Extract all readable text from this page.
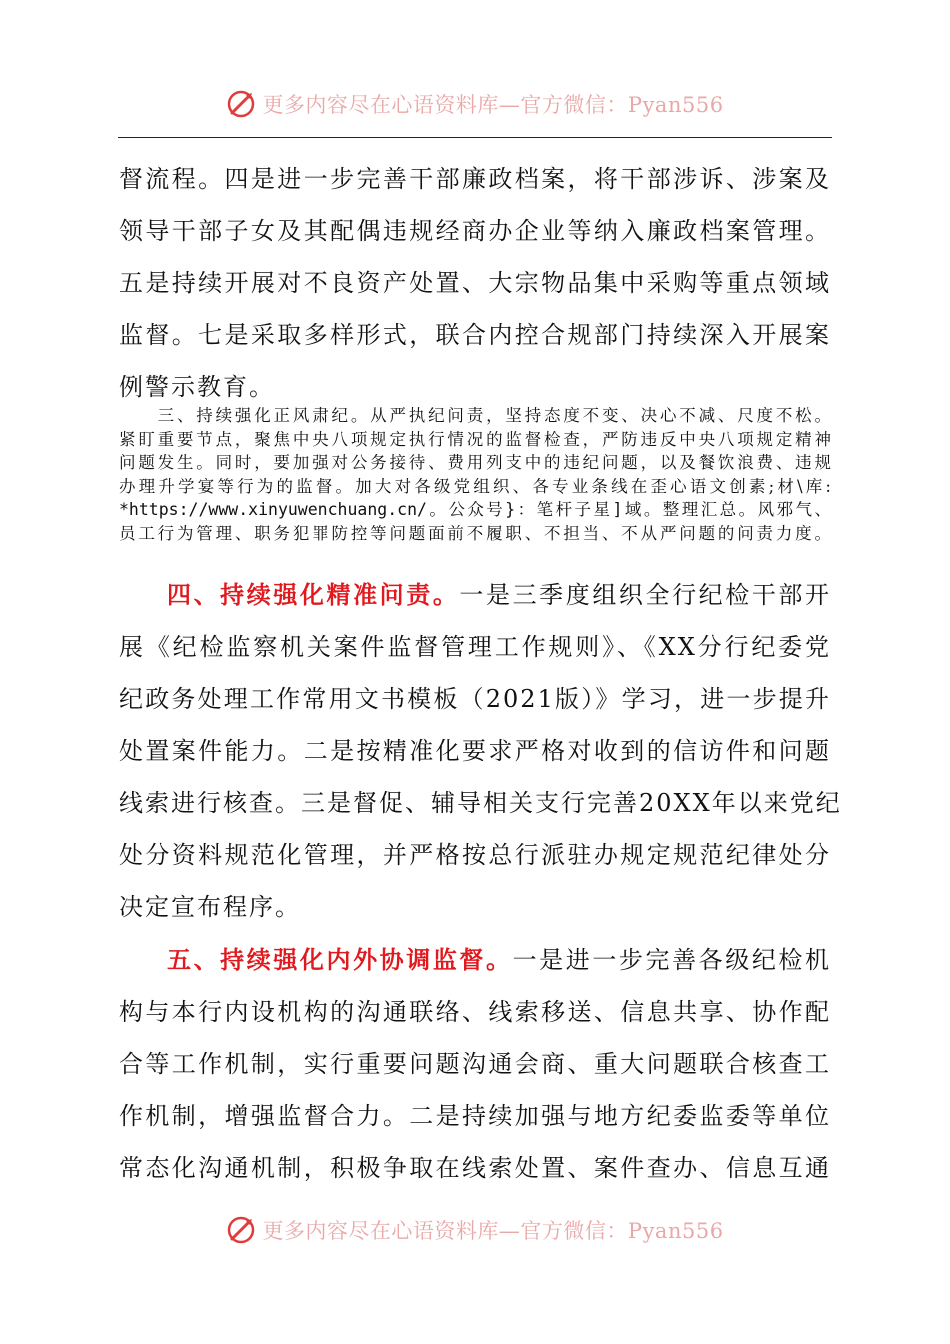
更多内容尽在心语资料库—官方微信：Pyan556

督流程。四是进一步完善干部廉政档案，将干部涉诉、涉案及

领导干部子女及其配偶违规经商办企业等纳入廉政档案管理。

五是持续开展对不良资产处置、大宗物品集中采购等重点领域

监督。七是采取多样形式，联合内控合规部门持续深入开展案

例警示教育。

　　三、持续强化正风肃纪。从严执纪问责，坚持态度不变、决心不减、尺度不松。

紧盯重要节点，聚焦中央八项规定执行情况的监督检查，严防违反中央八项规定精神

问题发生。同时，要加强对公务接待、费用列支中的违纪问题，以及餐饮浪费、违规

办理升学宴等行为的监督。加大对各级党组织、各专业条线在歪心语文创素;材\库:

*https://www.xinyuwenchuang.cn/。公众号}：笔杆子星]域。整理汇总。风邪气、

员工行为管理、职务犯罪防控等问题面前不履职、不担当、不从严问题的问责力度。

四、持续强化精准问责。一是三季度组织全行纪检干部开

展《纪检监察机关案件监督管理工作规则》、《XX分行纪委党

纪政务处理工作常用文书模板（2021版）》学习，进一步提升

处置案件能力。二是按精准化要求严格对收到的信访件和问题

线索进行核查。三是督促、辅导相关支行完善20XX年以来党纪

处分资料规范化管理，并严格按总行派驻办规定规范纪律处分

决定宣布程序。

五、持续强化内外协调监督。一是进一步完善各级纪检机

构与本行内设机构的沟通联络、线索移送、信息共享、协作配

合等工作机制，实行重要问题沟通会商、重大问题联合核查工

作机制，增强监督合力。二是持续加强与地方纪委监委等单位

常态化沟通机制，积极争取在线索处置、案件查办、信息互通

更多内容尽在心语资料库—官方微信：Pyan556
